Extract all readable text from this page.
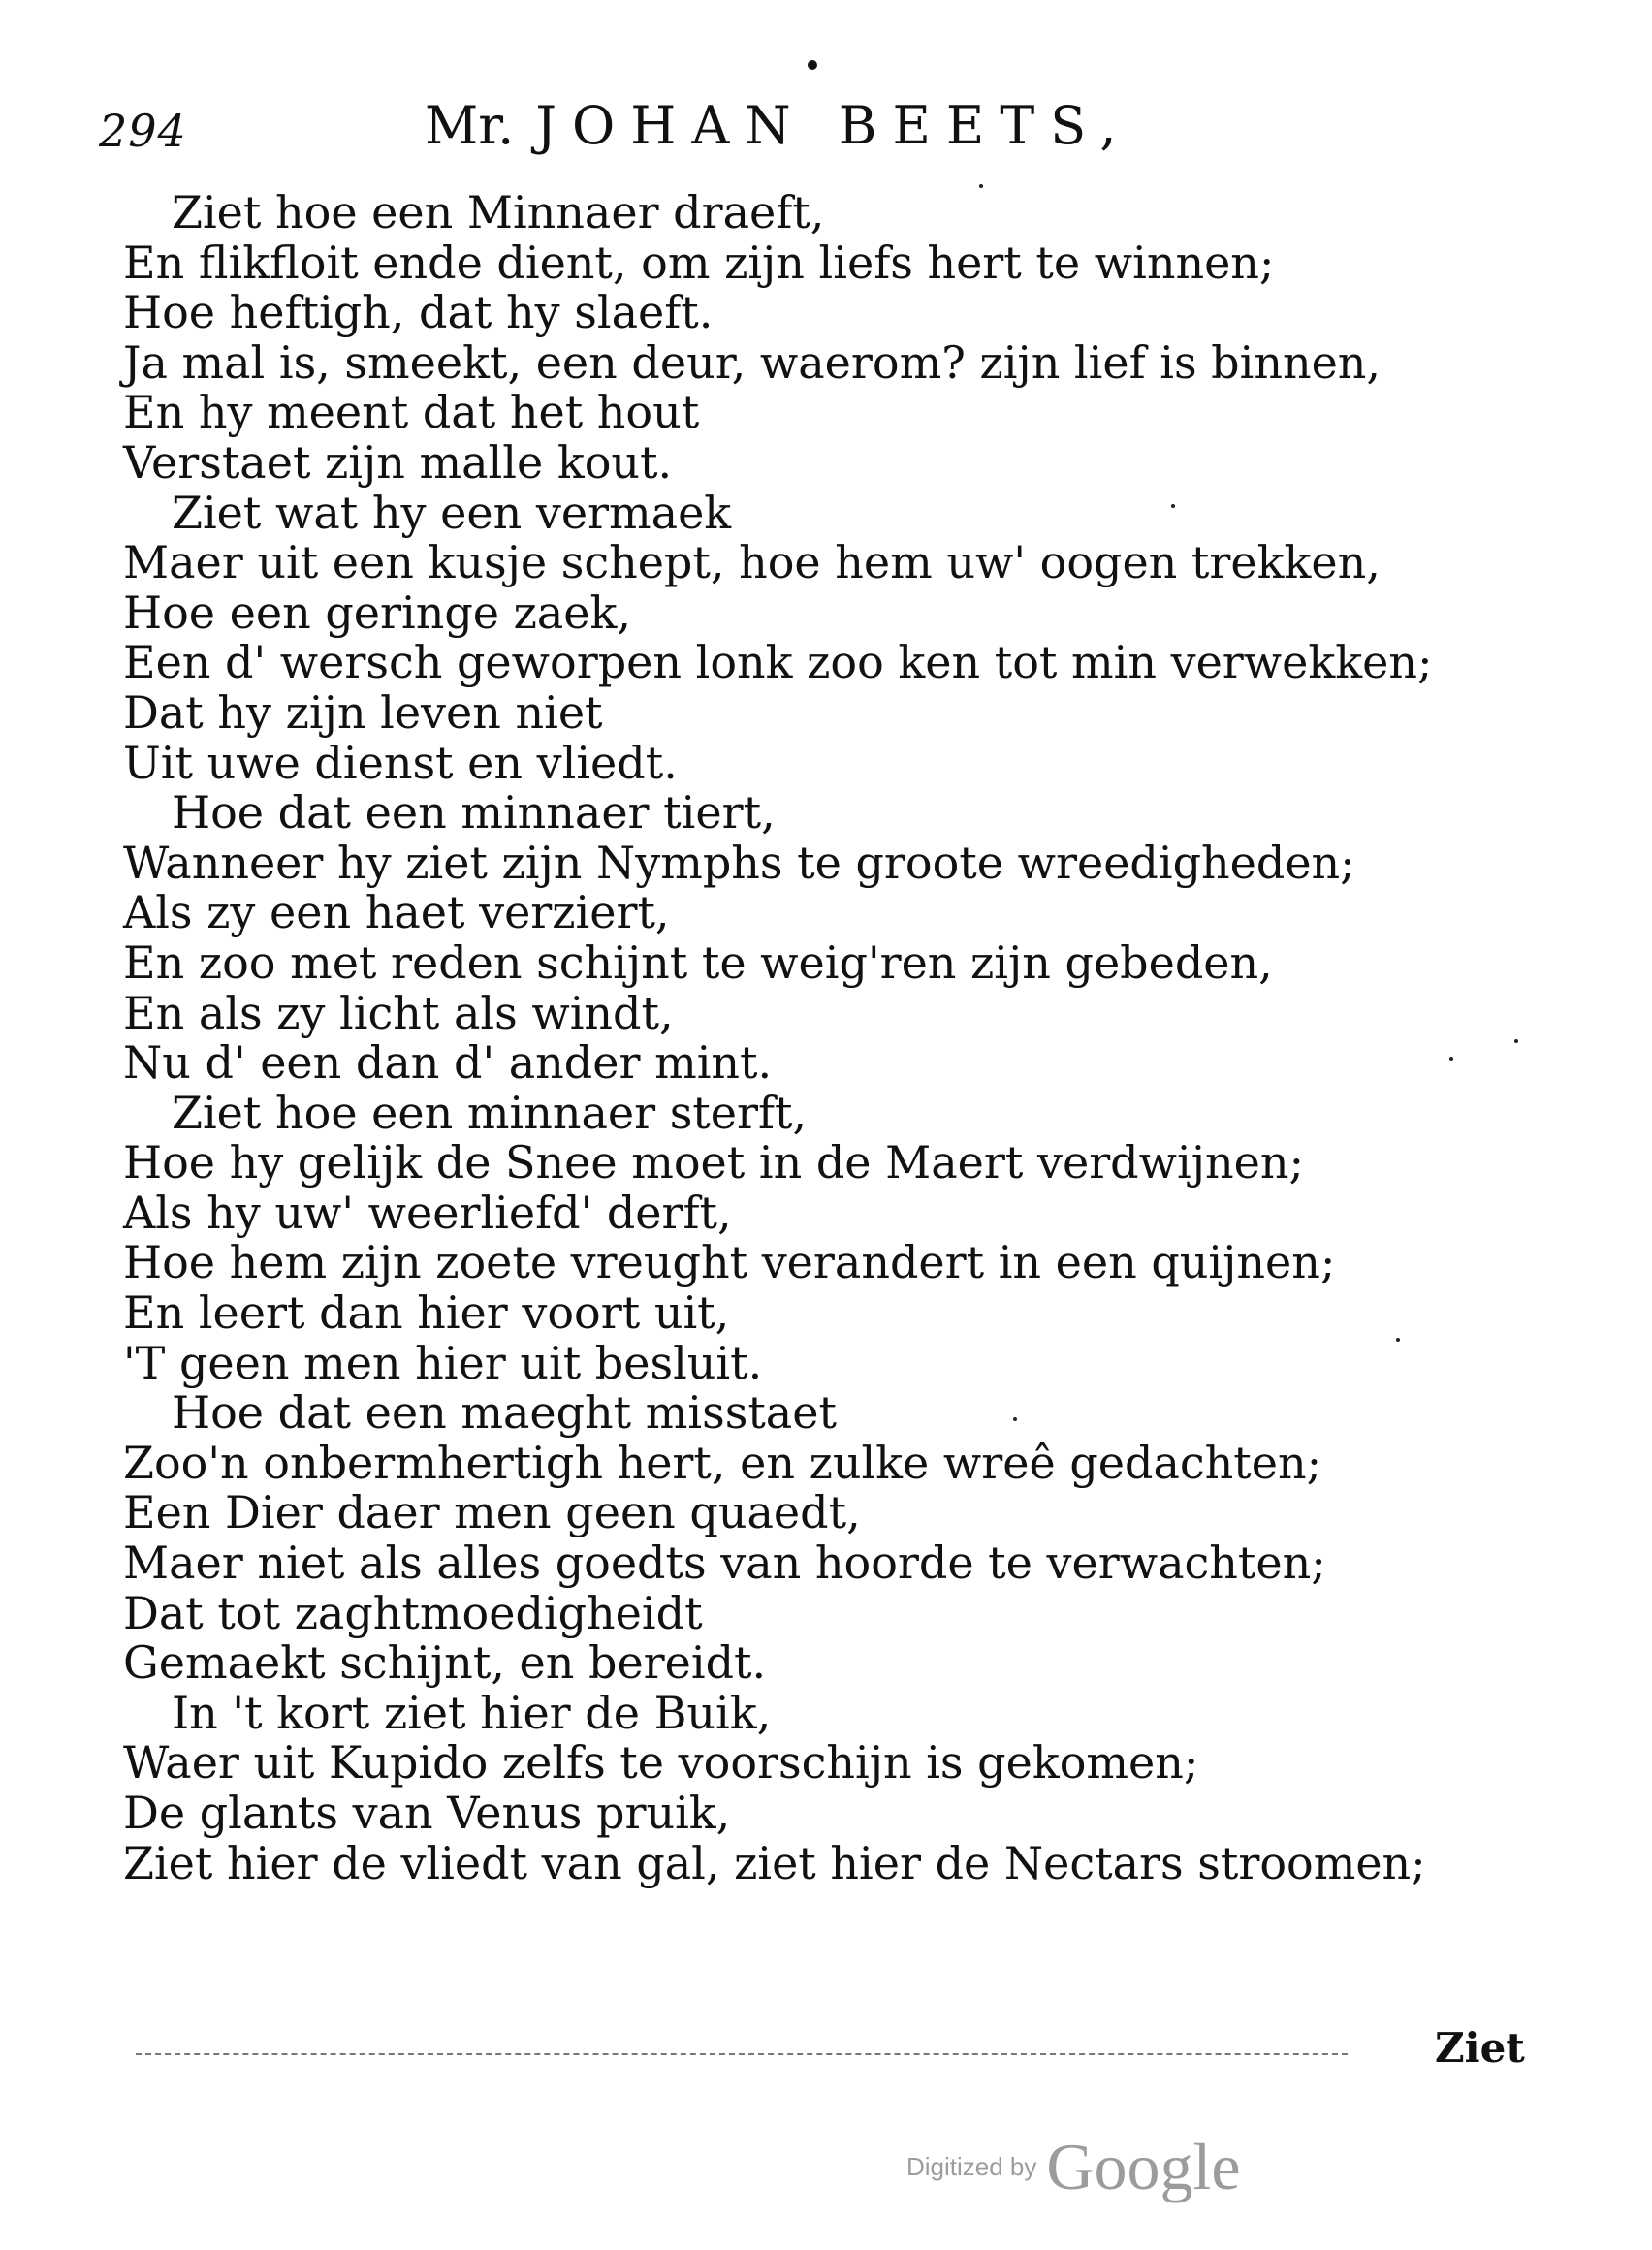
294	Mr. JOHAN BEETS,
Ziet hoe een Minnaer draeft,
En flikfloit ende dient, om zijn liefs hert te winnen;
Hoe heftigh, dat hy slaeft.
Ja mal is, smeekt, een deur, waerom? zijn lief is binnen,
En hy meent dat het hout
Verstaet zijn malle kout.
Ziet wat hy een vermaek
Maer uit een kusje schept, hoe hem uw' oogen trekken,
Hoe een geringe zaek,
Een d' wersch geworpen lonk zoo ken tot min verwekken;
Dat hy zijn leven niet
Uit uwe dienst en vliedt.
Hoe dat een minnaer tiert,
Wanneer hy ziet zijn Nymphs te groote wreedigheden;
Als zy een haet verziert,
En zoo met reden schijnt te weig'ren zijn gebeden,
En als zy licht als windt,
Nu d' een dan d' ander mint.
Ziet hoe een minnaer sterft,
Hoe hy gelijk de Snee moet in de Maert verdwijnen;
Als hy uw' weerliefd' derft,
Hoe hem zijn zoete vreught verandert in een quijnen;
En leert dan hier voort uit,
'T geen men hier uit besluit.
Hoe dat een maeght misstaet
Zoo'n onbermhertigh hert, en zulke wreê gedachten;
Een Dier daer men geen quaedt,
Maer niet als alles goedts van hoorde te verwachten;
Dat tot zaghtmoedigheidt
Gemaekt schijnt, en bereidt.
In 't kort ziet hier de Buik,
Waer uit Kupido zelfs te voorschijn is gekomen;
De glants van Venus pruik,
Ziet hier de vliedt van gal, ziet hier de Nectars stroomen;
Ziet
Digitized by Google
